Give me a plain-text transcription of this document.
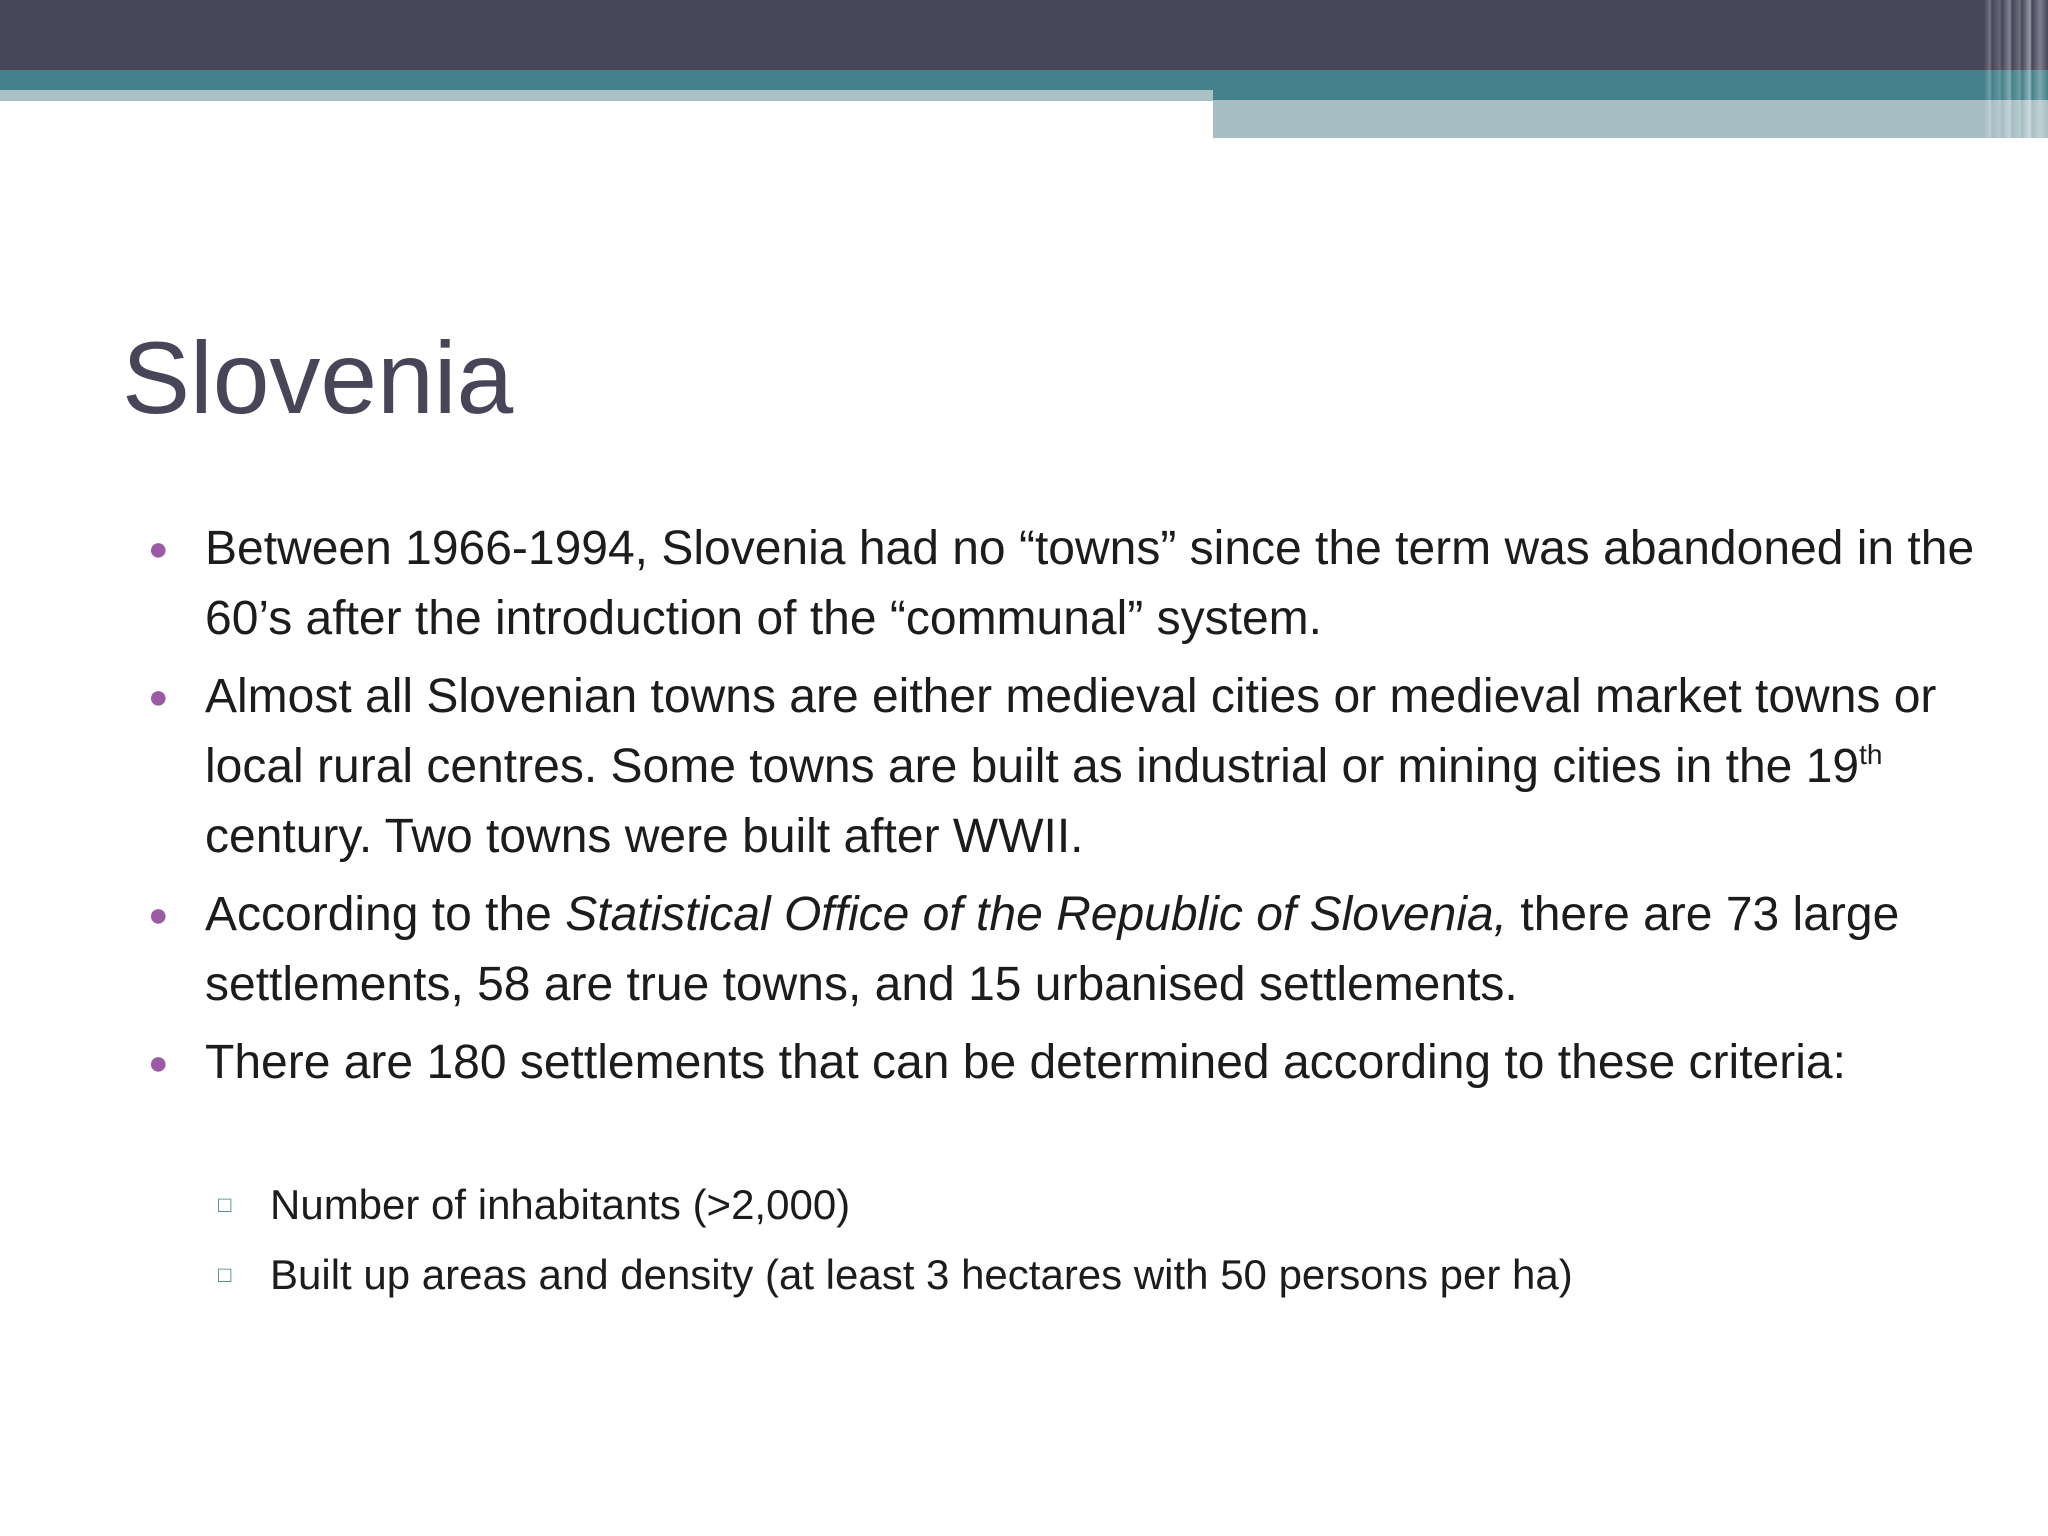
Slovenia
● Between 1966-1994, Slovenia had no “towns” since the term was abandoned in the 60’s after the introduction of the “communal” system.
● Almost all Slovenian towns are either medieval cities or medieval market towns or local rural centres. Some towns are built as industrial or mining cities in the 19th century. Two towns were built after WWII.
● According to the Statistical Office of the Republic of Slovenia, there are 73 large settlements, 58 are true towns, and 15 urbanised settlements.
● There are 180 settlements that can be determined according to these criteria:
□ Number of inhabitants (>2,000)
□ Built up areas and density (at least 3 hectares with 50 persons per ha)
